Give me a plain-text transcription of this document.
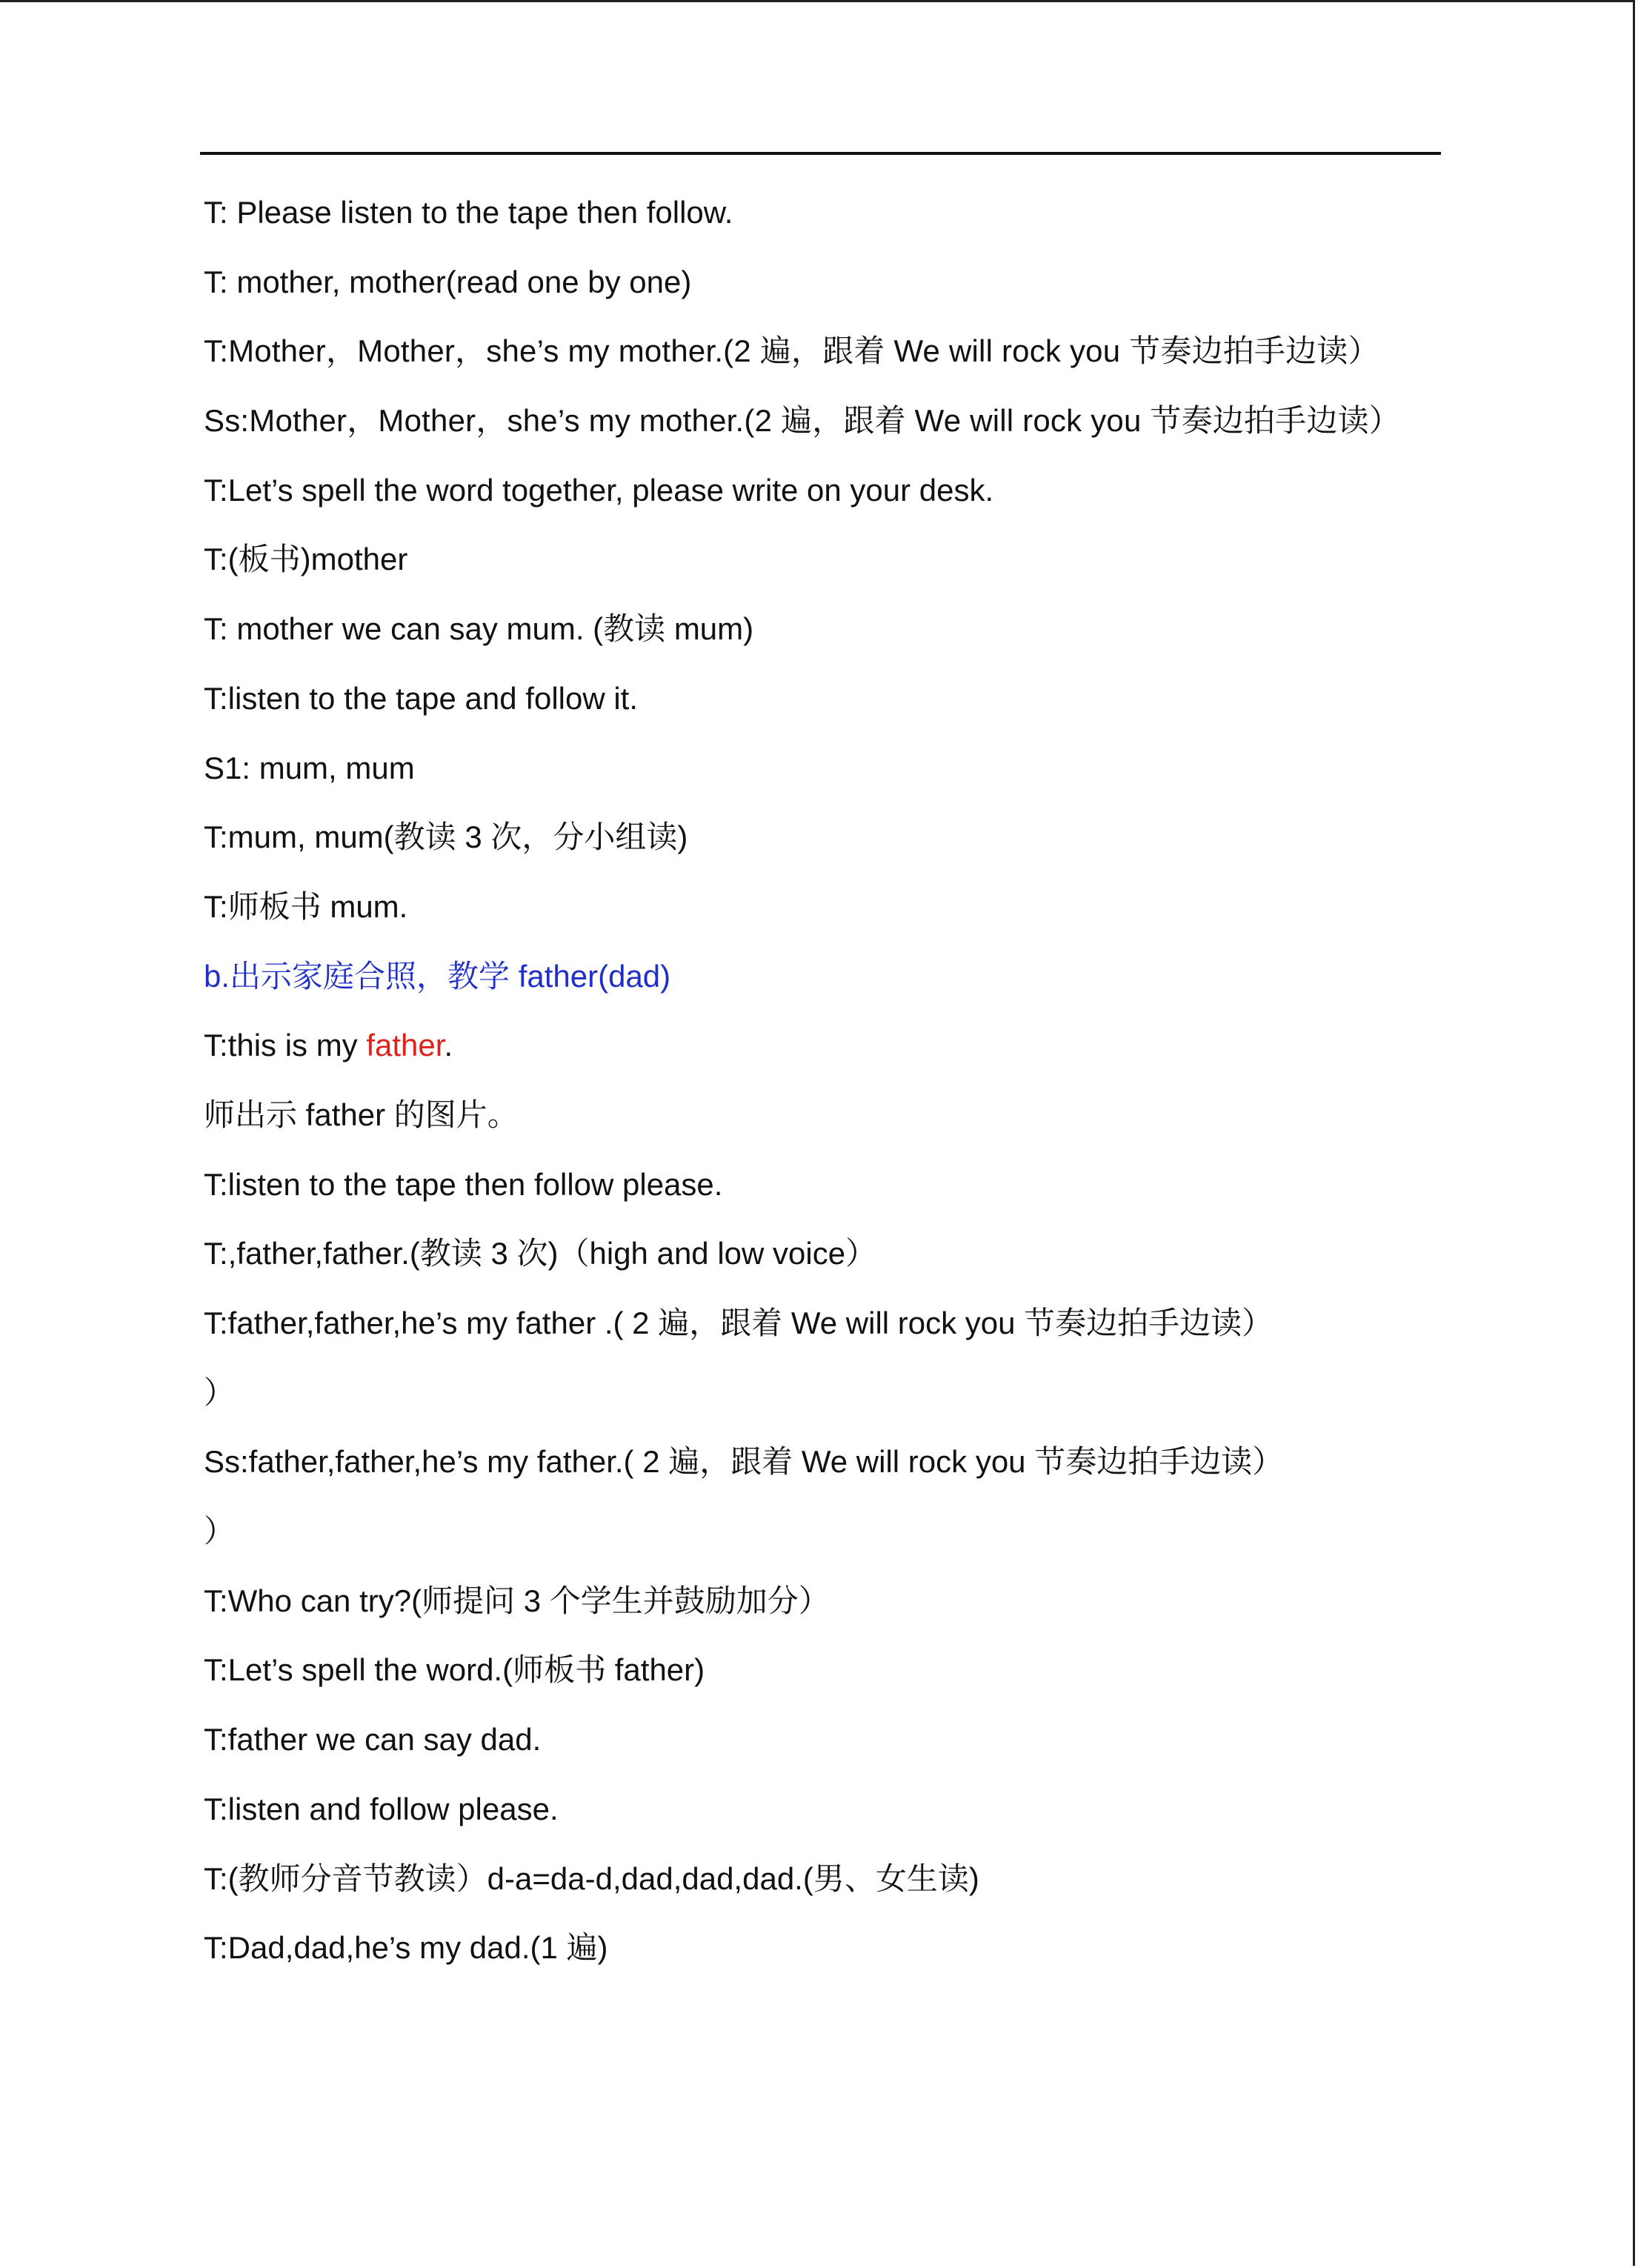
T: Please listen to the tape then follow.
T: mother, mother(read one by one)
T:Mother，Mother，she’s my mother.(2 遍，跟着 We will rock you 节奏边拍手边读）
Ss:Mother，Mother，she’s my mother.(2 遍，跟着 We will rock you 节奏边拍手边读）
T:Let’s spell the word together, please write on your desk.
T:(板书)mother
T: mother we can say mum. (教读 mum)
T:listen to the tape and follow it.
S1: mum, mum
T:mum, mum(教读 3 次，分小组读)
T:师板书 mum.
b.出示家庭合照，教学 father(dad)
T:this is my father.
师出示 father 的图片。
T:listen to the tape then follow please.
T:,father,father.(教读 3 次)（high and low voice）
T:father,father,he’s my father .( 2 遍，跟着 We will rock you 节奏边拍手边读）
）
Ss:father,father,he’s my father.( 2 遍，跟着 We will rock you 节奏边拍手边读）
）
T:Who can try?(师提问 3 个学生并鼓励加分）
T:Let’s spell the word.(师板书 father)
T:father we can say dad.
T:listen and follow please.
T:(教师分音节教读）d-a=da-d,dad,dad,dad.(男、女生读)
T:Dad,dad,he’s my dad.(1 遍)
